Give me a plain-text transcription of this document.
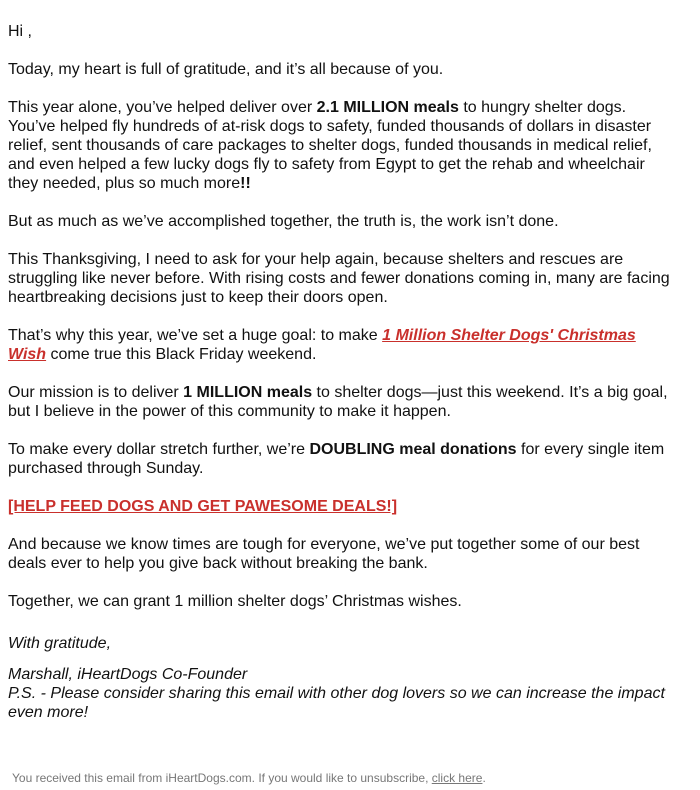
Hi ,

Today, my heart is full of gratitude, and it’s all because of you.

This year alone, you’ve helped deliver over 2.1 MILLION meals to hungry shelter dogs. You’ve helped fly hundreds of at-risk dogs to safety, funded thousands of dollars in disaster relief, sent thousands of care packages to shelter dogs, funded thousands in medical relief, and even helped a few lucky dogs fly to safety from Egypt to get the rehab and wheelchair they needed, plus so much more!!

But as much as we’ve accomplished together, the truth is, the work isn’t done.

This Thanksgiving, I need to ask for your help again, because shelters and rescues are struggling like never before. With rising costs and fewer donations coming in, many are facing heartbreaking decisions just to keep their doors open.

That’s why this year, we’ve set a huge goal: to make 1 Million Shelter Dogs' Christmas Wish come true this Black Friday weekend.

Our mission is to deliver 1 MILLION meals to shelter dogs—just this weekend. It’s a big goal, but I believe in the power of this community to make it happen.

To make every dollar stretch further, we’re DOUBLING meal donations for every single item purchased through Sunday.

[HELP FEED DOGS AND GET PAWESOME DEALS!]

And because we know times are tough for everyone, we’ve put together some of our best deals ever to help you give back without breaking the bank.

Together, we can grant 1 million shelter dogs’ Christmas wishes.

With gratitude,
Marshall, iHeartDogs Co-Founder
P.S. - Please consider sharing this email with other dog lovers so we can increase the impact even more!
You received this email from iHeartDogs.com. If you would like to unsubscribe, click here.
